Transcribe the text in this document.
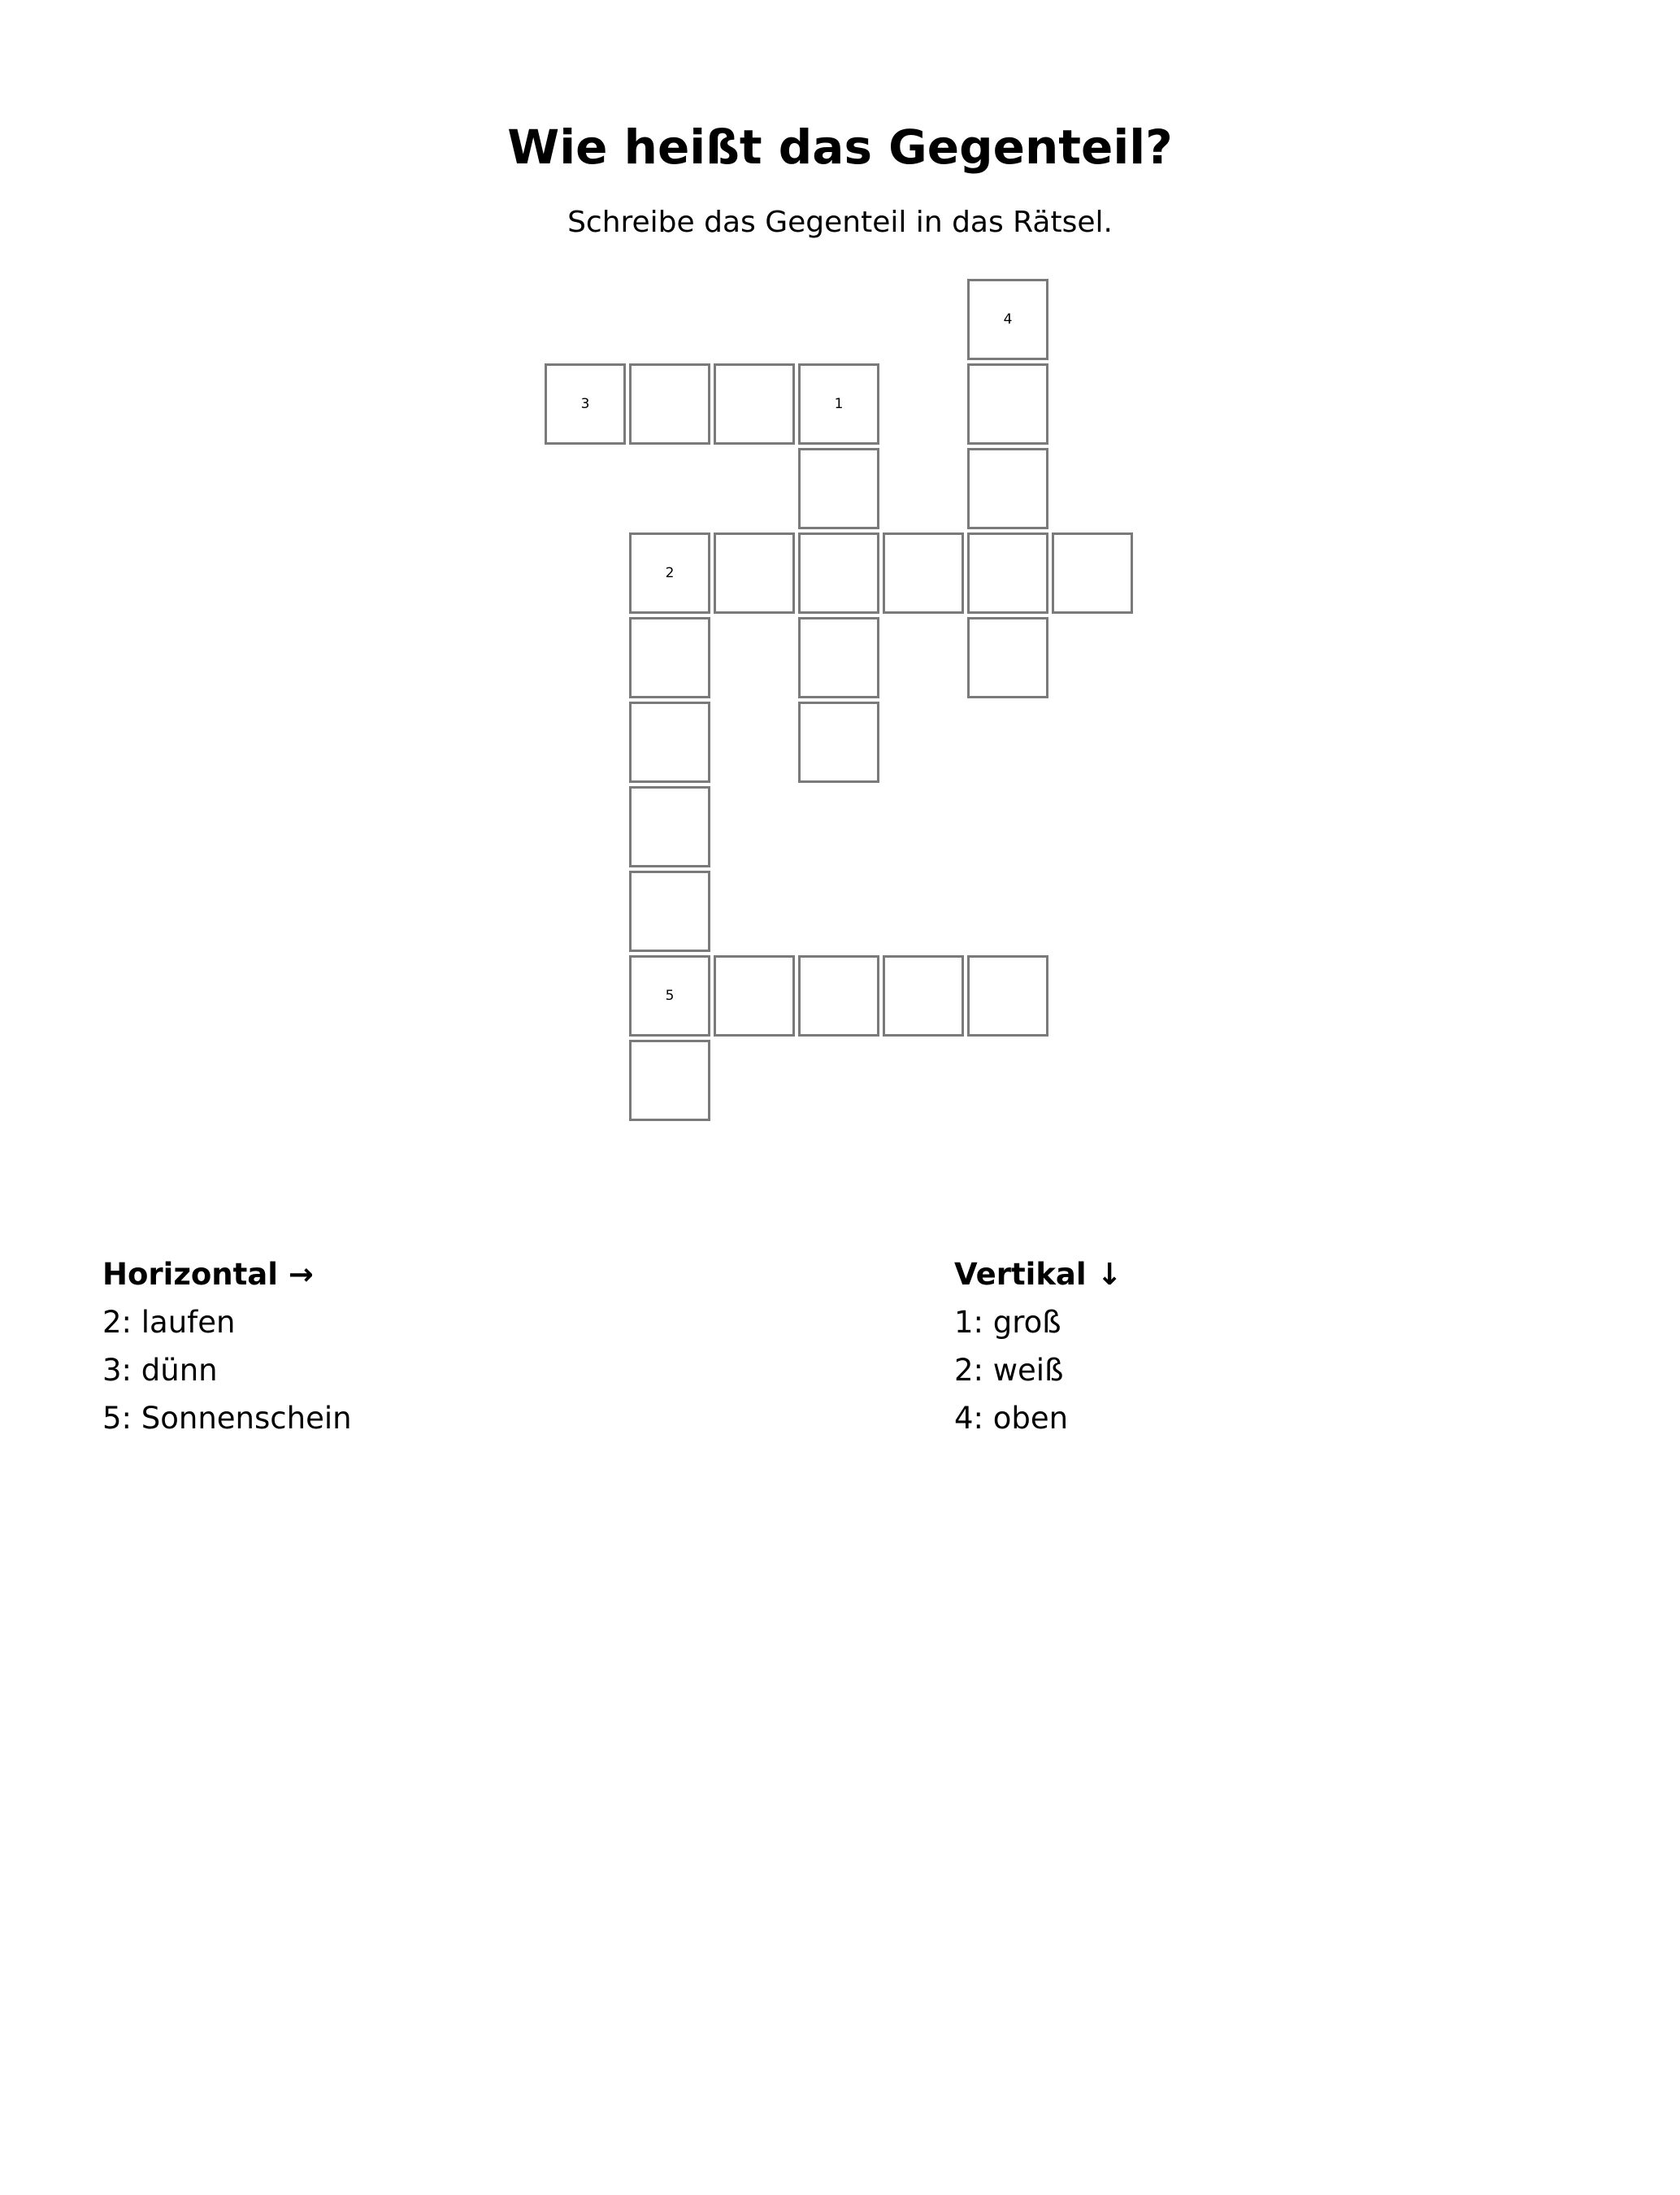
Wie heißt das Gegenteil?

Schreibe das Gegenteil in das Rätsel.

4
3	1
2
5
Horizontal →
2: laufen
3: dünn
5: Sonnenschein
Vertikal ↓
1: groß
2: weiß
4: oben
